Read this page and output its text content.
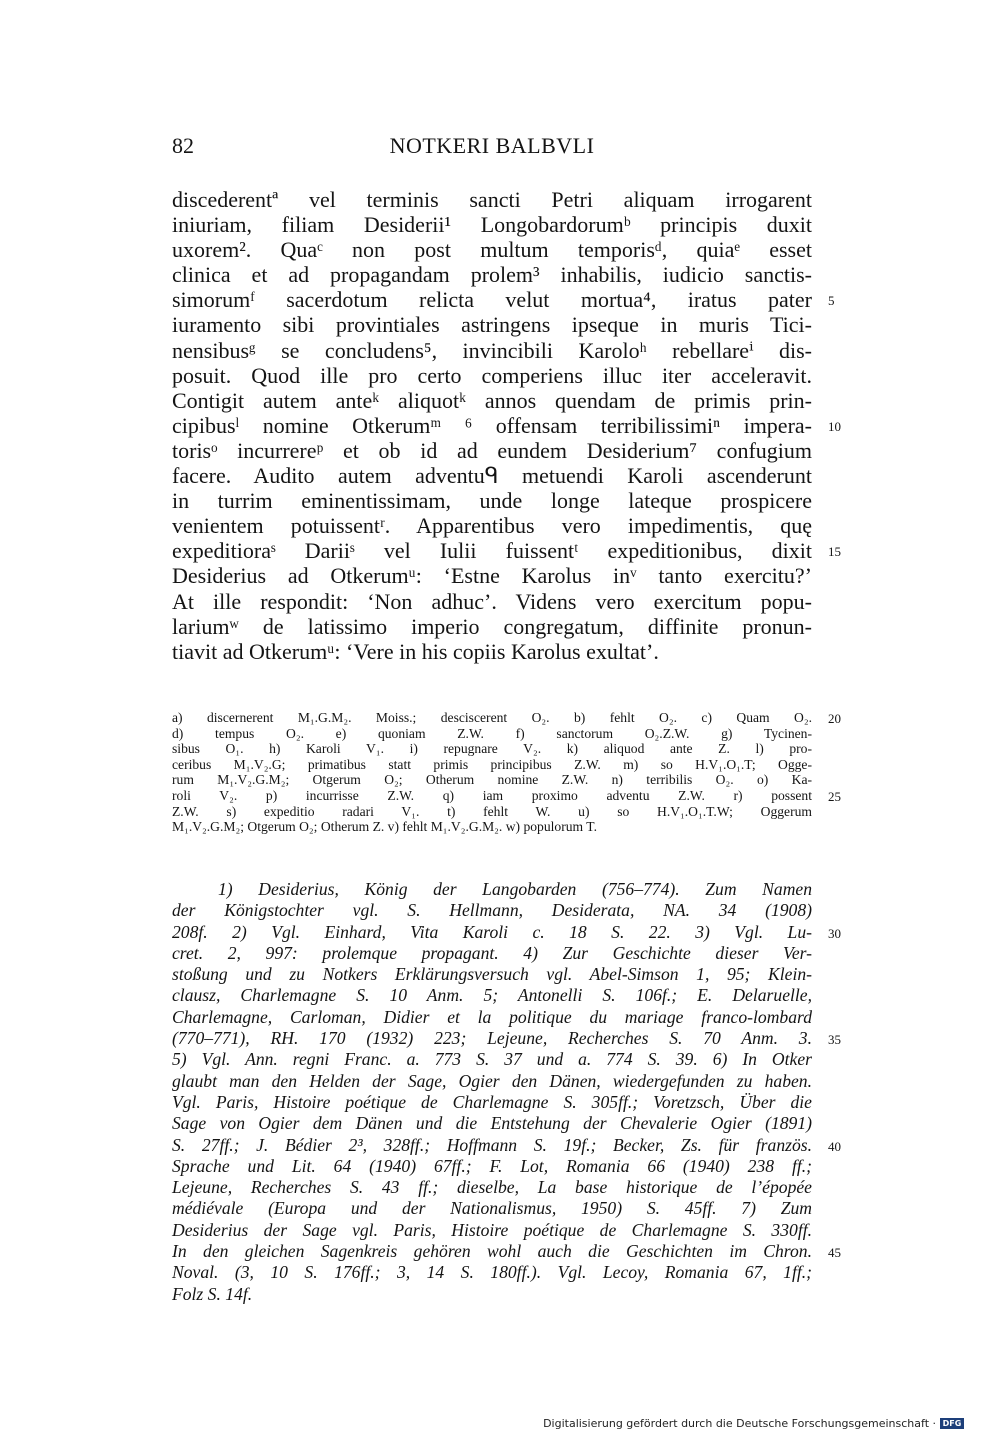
82	NOTKERI BALBVLI
discederentª vel terminis sancti Petri aliquam irrogarent
iniuriam, filiam Desiderii¹ Longobardorumᵇ principis duxit
uxorem². Quaᶜ non post multum temporisᵈ, quiaᵉ esset
clinica et ad propagandam prolem³ inhabilis, iudicio sanctis-
simorumᶠ sacerdotum relicta velut mortua⁴, iratus pater
iuramento sibi provintiales astringens ipseque in muris Tici-
nensibusᵍ se concludens⁵, invincibili Karoloʰ rebellareⁱ dis-
posuit. Quod ille pro certo comperiens illuc iter acceleravit.
Contigit autem anteᵏ aliquotᵏ annos quendam de primis prin-
cipibusˡ nomine Otkerumᵐ ⁶ offensam terribilissimiⁿ impera-
torisᵒ incurrereᵖ et ob id ad eundem Desiderium⁷ confugium
facere. Audito autem adventuᑫ metuendi Karoli ascenderunt
in turrim eminentissimam, unde longe lateque prospicere
venientem potuissentʳ. Apparentibus vero impedimentis, quę
expeditioraˢ Dariiˢ vel Iulii fuissentᵗ expeditionibus, dixit
Desiderius ad Otkerumᵘ: ‘Estne Karolus inᵛ tanto exercitu?’
At ille respondit: ‘Non adhuc’. Videns vero exercitum popu-
lariumʷ de latissimo imperio congregatum, diffinite pronun-
tiavit ad Otkerumᵘ: ‘Vere in his copiis Karolus exultat’.
a) discernerent M₁.G.M₂. Moiss.; desciscerent O₂. b) fehlt O₂. c) Quam O₂.
d) tempus O₂. e) quoniam Z.W. f) sanctorum O₂.Z.W. g) Tycinen-
sibus O₁. h) Karoli V₁. i) repugnare V₂. k) aliquod ante Z. l) pro-
ceribus M₁.V₂.G; primatibus statt primis principibus Z.W. m) so H.V₁.O₁.T; Ogge-
rum M₁.V₂.G.M₂; Otgerum O₂; Otherum nomine Z.W. n) terribilis O₂. o) Ka-
roli V₂. p) incurrisse Z.W. q) iam proximo adventu Z.W. r) possent
Z.W. s) expeditio radari V₁. t) fehlt W. u) so H.V₁.O₁.T.W; Oggerum
M₁.V₂.G.M₂; Otgerum O₂; Otherum Z. v) fehlt M₁.V₂.G.M₂. w) populorum T.
1) Desiderius, König der Langobarden (756–774). Zum Namen
der Königstochter vgl. S. Hellmann, Desiderata, NA. 34 (1908)
208f. 2) Vgl. Einhard, Vita Karoli c. 18 S. 22. 3) Vgl. Lu-
cret. 2, 997: prolemque propagant. 4) Zur Geschichte dieser Ver-
stoßung und zu Notkers Erklärungsversuch vgl. Abel-Simson 1, 95; Klein-
clausz, Charlemagne S. 10 Anm. 5; Antonelli S. 106f.; E. Delaruelle,
Charlemagne, Carloman, Didier et la politique du mariage franco-lombard
(770–771), RH. 170 (1932) 223; Lejeune, Recherches S. 70 Anm. 3.
5) Vgl. Ann. regni Franc. a. 773 S. 37 und a. 774 S. 39. 6) In Otker
glaubt man den Helden der Sage, Ogier den Dänen, wiedergefunden zu haben.
Vgl. Paris, Histoire poétique de Charlemagne S. 305ff.; Voretzsch, Über die
Sage von Ogier dem Dänen und die Entstehung der Chevalerie Ogier (1891)
S. 27ff.; J. Bédier 2³, 328ff.; Hoffmann S. 19f.; Becker, Zs. für französ.
Sprache und Lit. 64 (1940) 67ff.; F. Lot, Romania 66 (1940) 238 ff.;
Lejeune, Recherches S. 43 ff.; dieselbe, La base historique de l’épopée
médiévale (Europa und der Nationalismus, 1950) S. 45ff. 7) Zum
Desiderius der Sage vgl. Paris, Histoire poétique de Charlemagne S. 330ff.
In den gleichen Sagenkreis gehören wohl auch die Geschichten im Chron.
Noval. (3, 10 S. 176ff.; 3, 14 S. 180ff.). Vgl. Lecoy, Romania 67, 1ff.;
Folz S. 14f.
5
10
15
20
25
30
35
40
45
Digitalisierung gefördert durch die Deutsche Forschungsgemeinschaft · DFG
